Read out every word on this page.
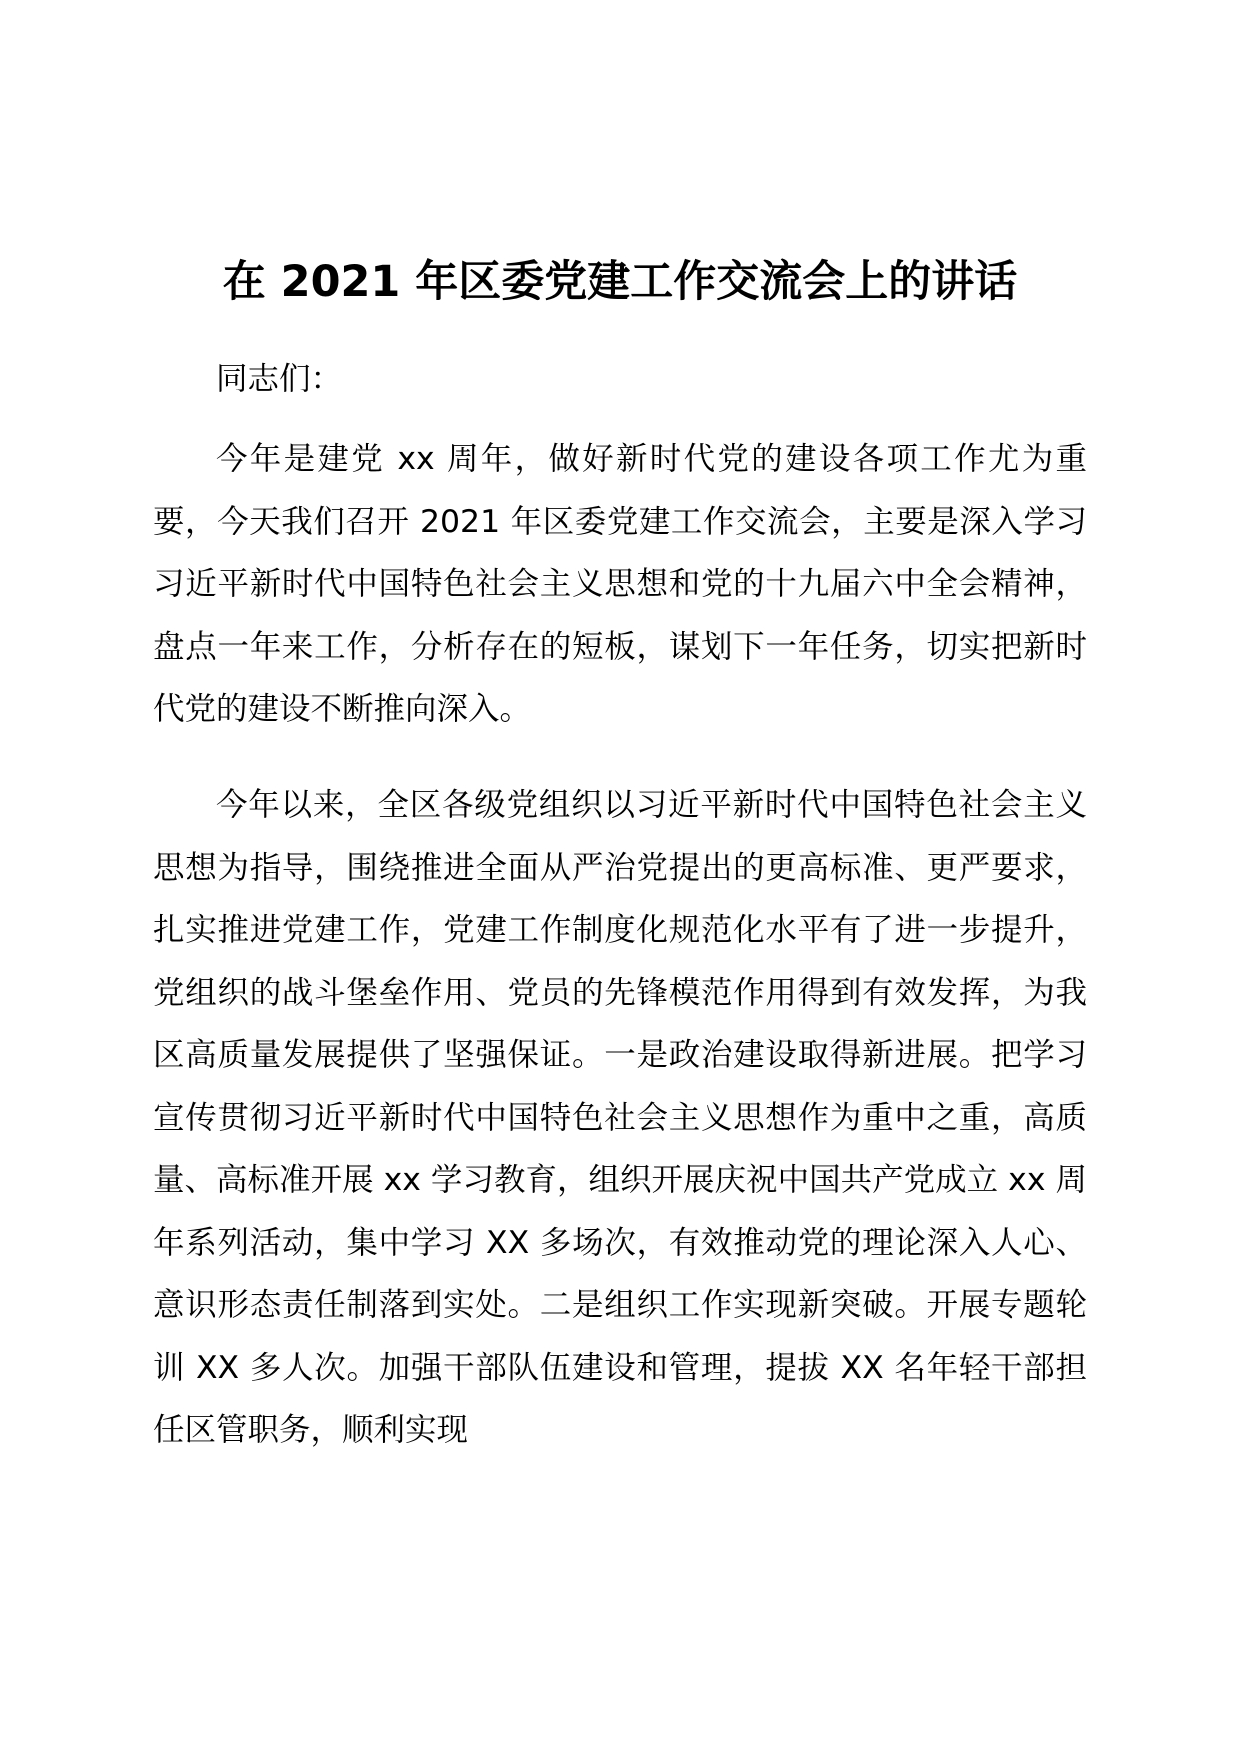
在 2021 年区委党建工作交流会上的讲话

同志们：

今年是建党 xx 周年，做好新时代党的建设各项工作尤为重要，今天我们召开 2021 年区委党建工作交流会，主要是深入学习习近平新时代中国特色社会主义思想和党的十九届六中全会精神，盘点一年来工作，分析存在的短板，谋划下一年任务，切实把新时代党的建设不断推向深入。

今年以来，全区各级党组织以习近平新时代中国特色社会主义思想为指导，围绕推进全面从严治党提出的更高标准、更严要求，扎实推进党建工作，党建工作制度化规范化水平有了进一步提升，党组织的战斗堡垒作用、党员的先锋模范作用得到有效发挥，为我区高质量发展提供了坚强保证。一是政治建设取得新进展。把学习宣传贯彻习近平新时代中国特色社会主义思想作为重中之重，高质量、高标准开展 xx 学习教育，组织开展庆祝中国共产党成立 xx 周年系列活动，集中学习 XX 多场次，有效推动党的理论深入人心、意识形态责任制落到实处。二是组织工作实现新突破。开展专题轮训 XX 多人次。加强干部队伍建设和管理，提拔 XX 名年轻干部担任区管职务，顺利实现
